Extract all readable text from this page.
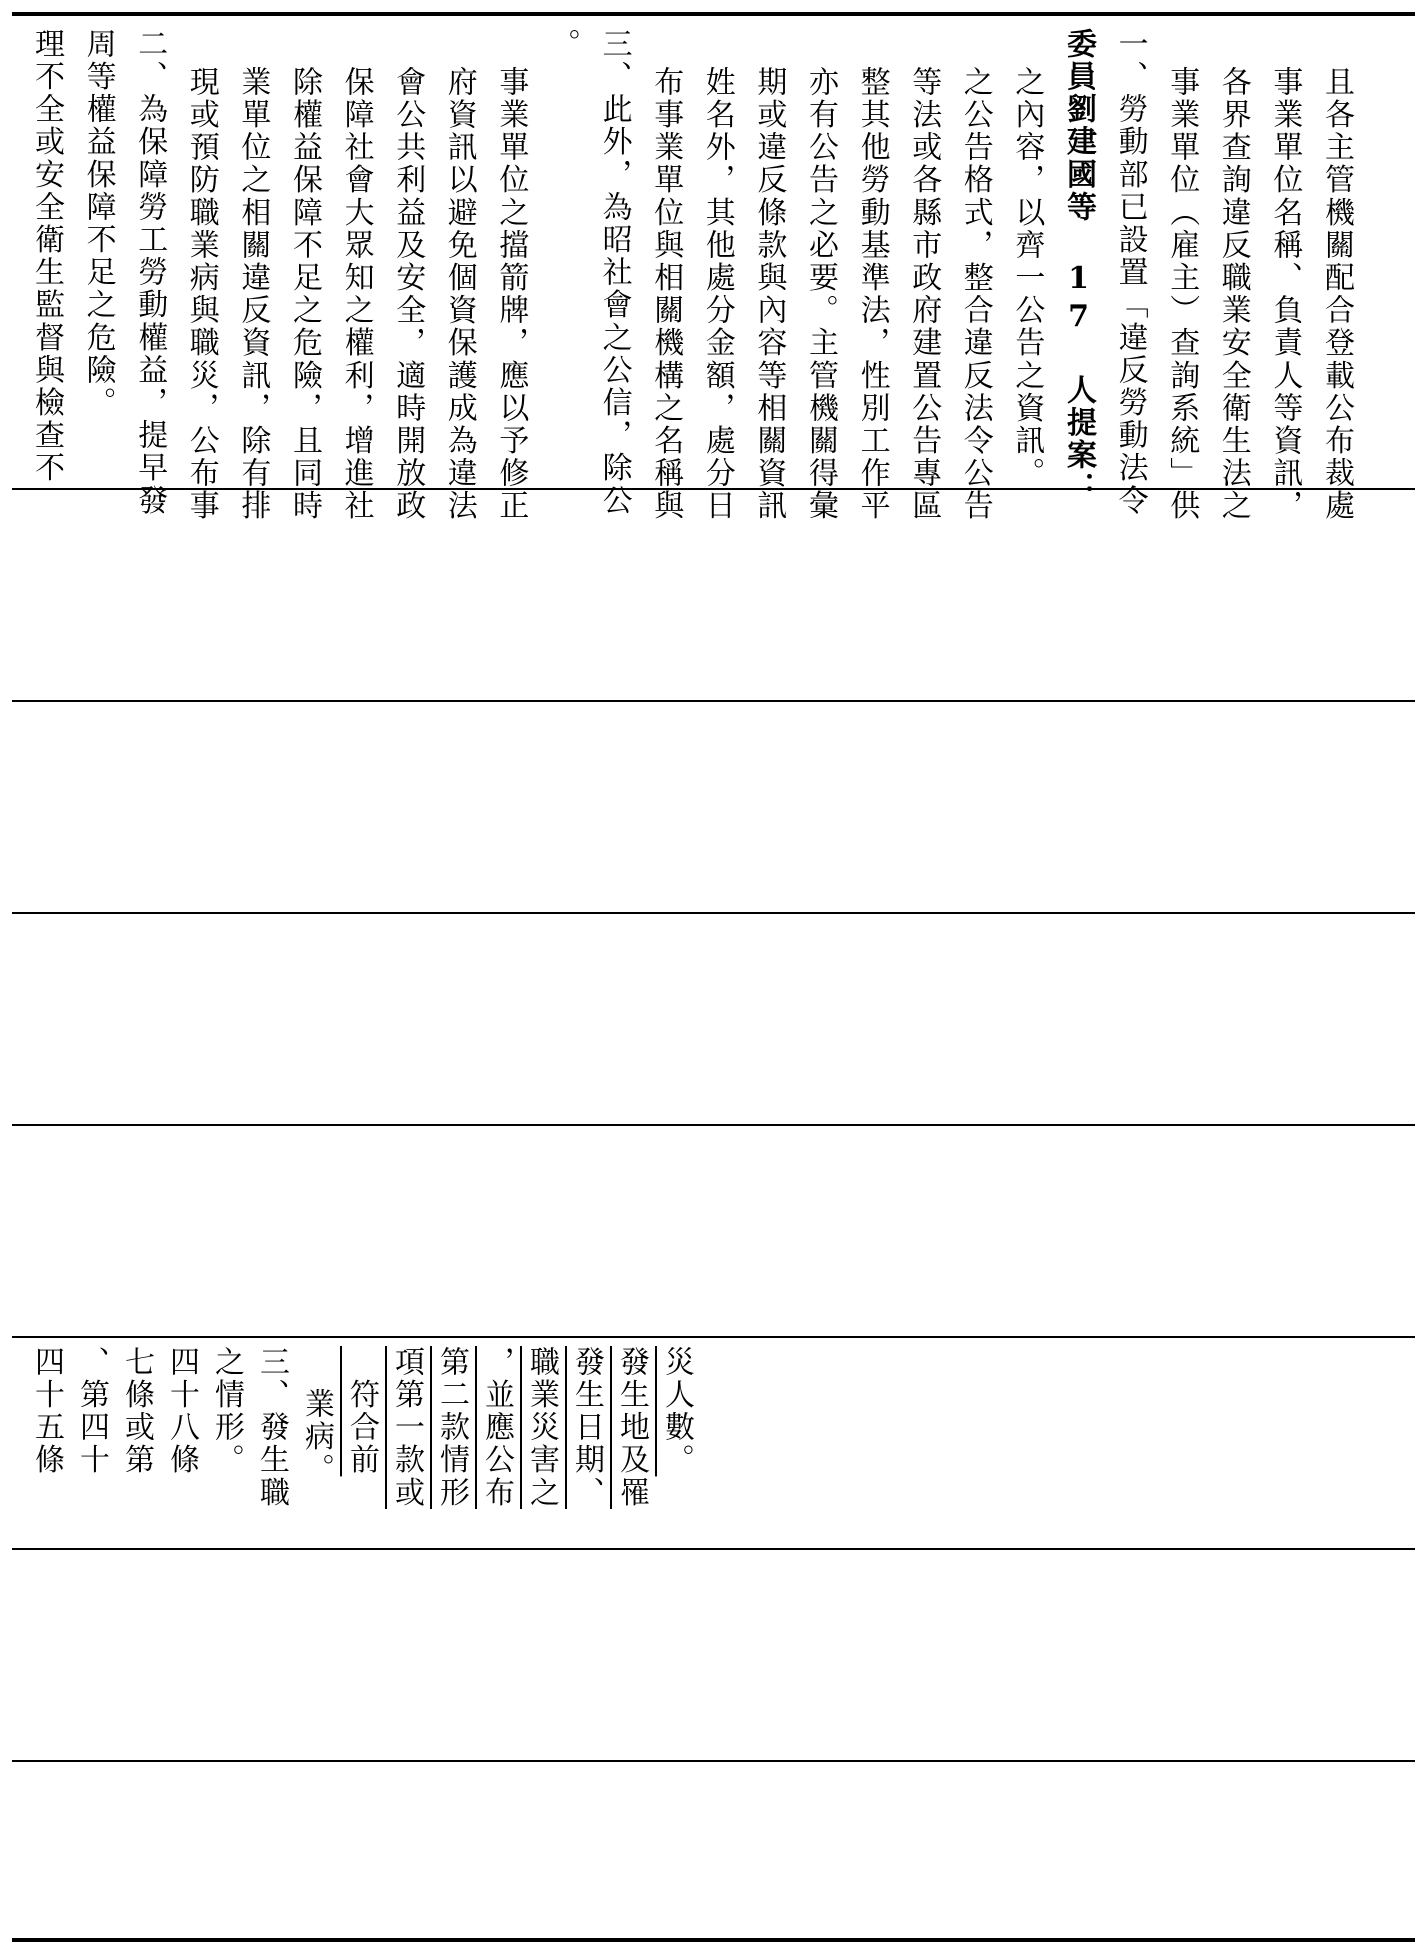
理不全或安全衛生監督與檢查不 周等權益保障不足之危險。 二、為保障勞工勞動權益，提早發 現或預防職業病與職災，公布事 業單位之相關違反資訊，除有排 除權益保障不足之危險，且同時 保障社會大眾知之權利，增進社 會公共利益及安全，適時開放政 府資訊以避免個資保護成為違法 事業單位之擋箭牌，應以予修正
。 三、此外，為昭社會之公信，除公 布事業單位與相關機構之名稱與 姓名外，其他處分金額，處分日 期或違反條款與內容等相關資訊 亦有公告之必要。主管機關得彙 整其他勞動基準法，性別工作平 等法或各縣市政府建置公告專區 之公告格式，整合違反法令公告 之內容，以齊一公告之資訊。 委員劉建國等 17 人提案： 一、勞動部已設置「違反勞動法令 事業單位（雇主）查詢系統」供 各界查詢違反職業安全衛生法之 事業單位名稱、負責人等資訊， 且各主管機關配合登載公布裁處
四十五條 、第四十 七條或第 四十八條 之情形。 三、發生職 業病。 　符合前 項第一款或 第二款情形 ，並應公布 職業災害之 發生日期、 發生地及罹 災人數。
